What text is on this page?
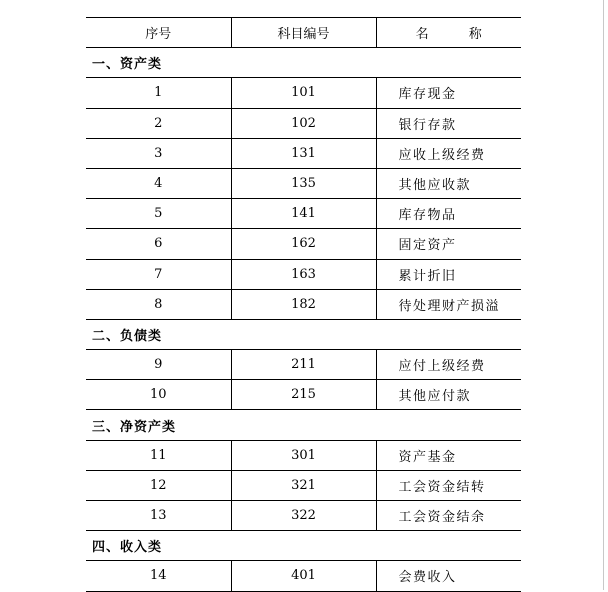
序号	科目编号	名 称
一、资产类		
1	101	库存现金
2	102	银行存款
3	131	应收上级经费
4	135	其他应收款
5	141	库存物品
6	162	固定资产
7	163	累计折旧
8	182	待处理财产损溢
二、负债类		
9	211	应付上级经费
10	215	其他应付款
三、净资产类		
11	301	资产基金
12	321	工会资金结转
13	322	工会资金结余
四、收入类		
14	401	会费收入
